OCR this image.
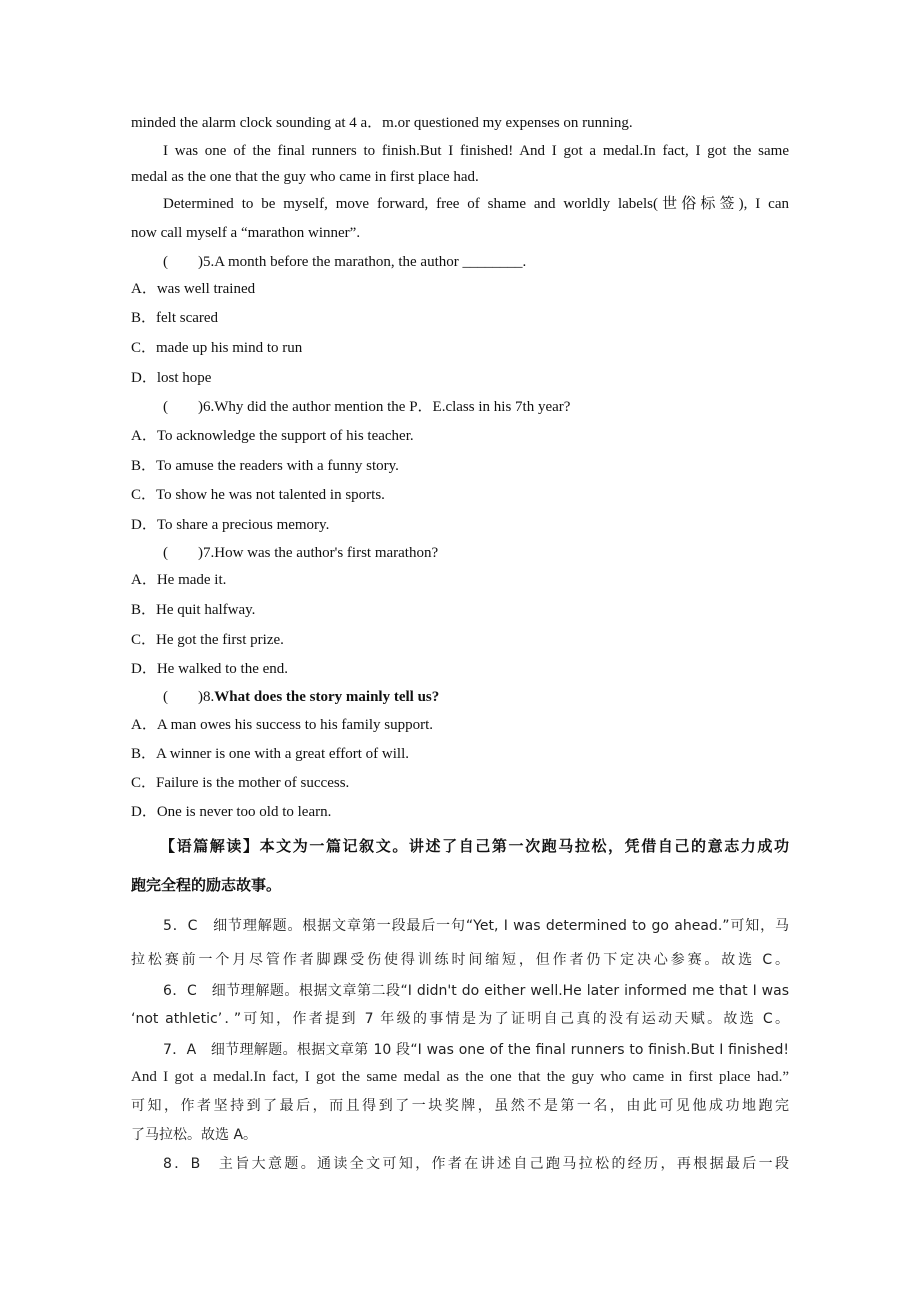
minded the alarm clock sounding at 4 a．m.or questioned my expenses on running.
I was one of the final runners to finish.But I finished! And I got a medal.In fact, I got the same
medal as the one that the guy who came in first place had.
Determined to be myself, move forward, free of shame and worldly labels(世俗标签), I can
now call myself a “marathon winner”.
(　　)5.A month before the marathon, the author ________.
A．was well trained
B．felt scared
C．made up his mind to run
D．lost hope
(　　)6.Why did the author mention the P．E.class in his 7th year?
A．To acknowledge the support of his teacher.
B．To amuse the readers with a funny story.
C．To show he was not talented in sports.
D．To share a precious memory.
(　　)7.How was the author's first marathon?
A．He made it.
B．He quit halfway.
C．He got the first prize.
D．He walked to the end.
(　　)8.What does the story mainly tell us?
A．A man owes his success to his family support.
B．A winner is one with a great effort of will.
C．Failure is the mother of success.
D．One is never too old to learn.
【语篇解读】本文为一篇记叙文。讲述了自己第一次跑马拉松，凭借自己的意志力成功
跑完全程的励志故事。
5．C　细节理解题。根据文章第一段最后一句“Yet, I was determined to go ahead.”可知，马
拉松赛前一个月尽管作者脚踝受伤使得训练时间缩短，但作者仍下定决心参赛。故选 C。
6．C　细节理解题。根据文章第二段“I didn't do either well.He later informed me that I was
‘not athletic’．”可知，作者提到 7 年级的事情是为了证明自己真的没有运动天赋。故选 C。
7．A　细节理解题。根据文章第 10 段“I was one of the final runners to finish.But I finished!
And I got a medal.In fact, I got the same medal as the one that the guy who came in first place had.”
可知，作者坚持到了最后，而且得到了一块奖牌，虽然不是第一名，由此可见他成功地跑完
了马拉松。故选 A。
8．B　主旨大意题。通读全文可知，作者在讲述自己跑马拉松的经历，再根据最后一段
